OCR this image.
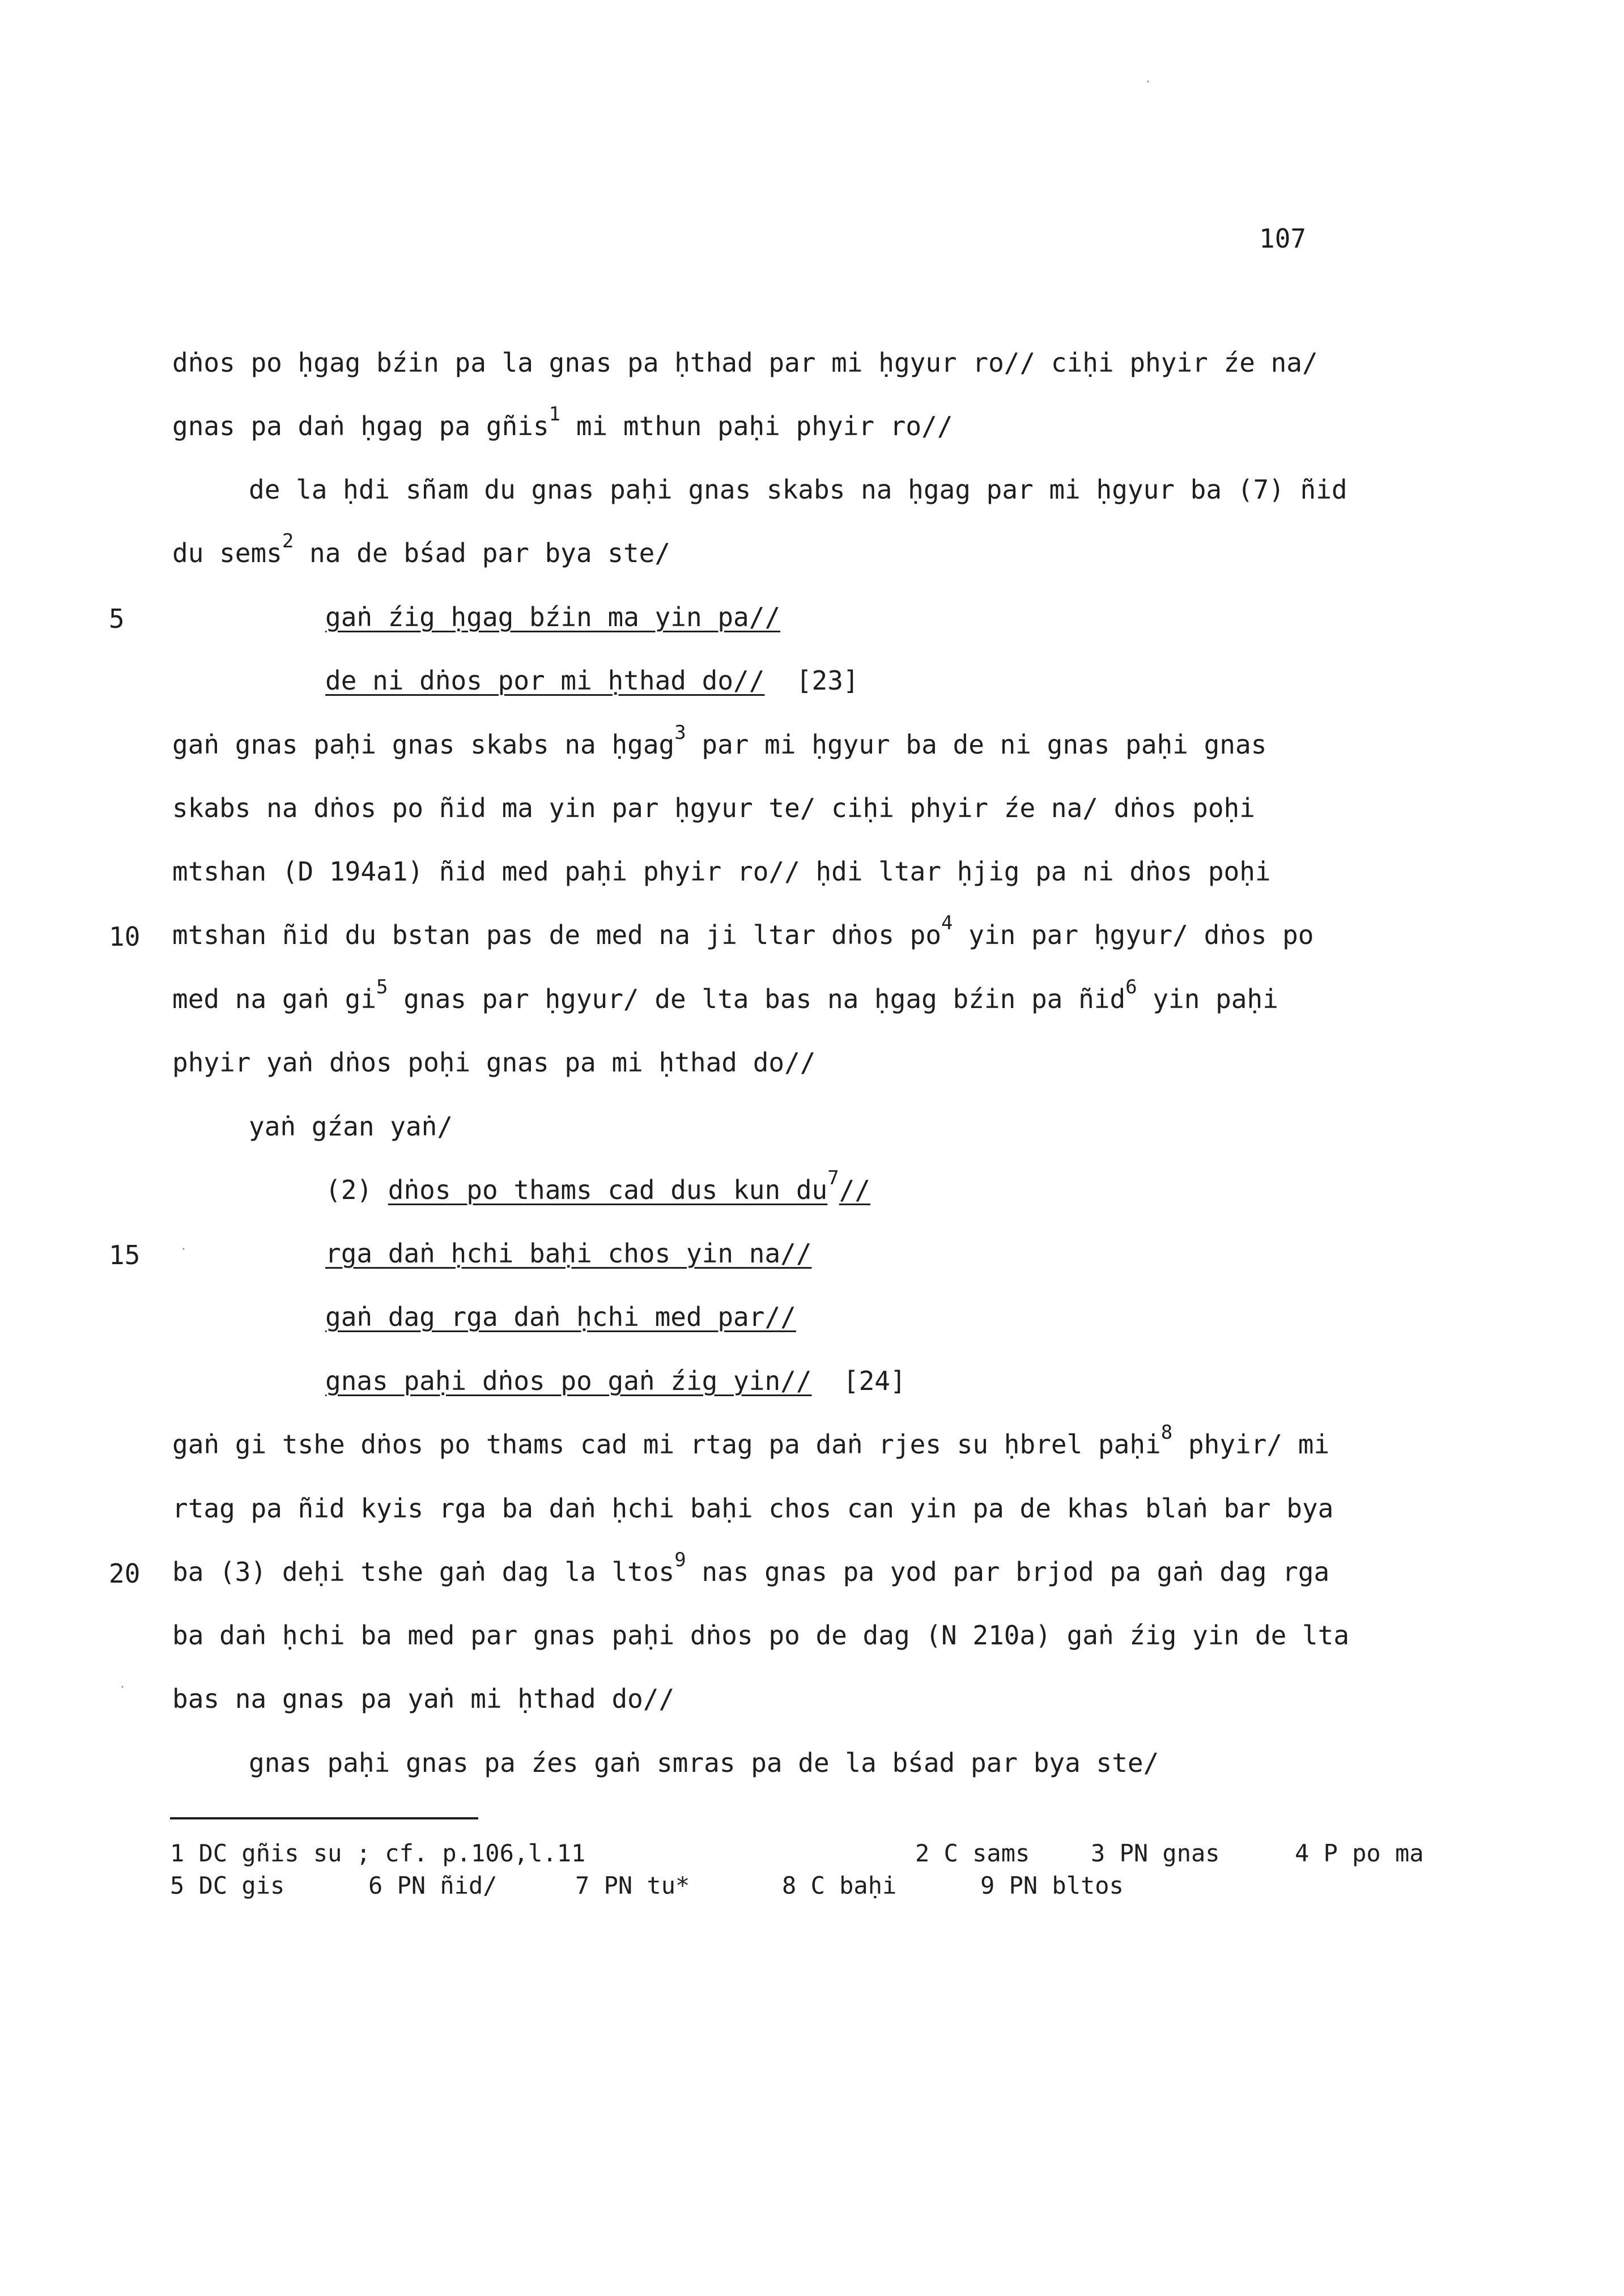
107
dṅos po ḥgag bźin pa la gnas pa ḥthad par mi ḥgyur ro// ciḥi phyir źe na/
gnas pa daṅ ḥgag pa gñis$^1$ mi mthun paḥi phyir ro//
de la ḥdi sñam du gnas paḥi gnas skabs na ḥgag par mi ḥgyur ba (7) ñid
du sems$^2$ na de bśad par bya ste/
gaṅ źig ḥgag bźin ma yin pa//
5
de ni dṅos por mi ḥthad do//  [23]
gaṅ gnas paḥi gnas skabs na ḥgag$^3$ par mi ḥgyur ba de ni gnas paḥi gnas
skabs na dṅos po ñid ma yin par ḥgyur te/ ciḥi phyir źe na/ dṅos poḥi
mtshan (D 194a1) ñid med paḥi phyir ro// ḥdi ltar ḥjig pa ni dṅos poḥi
mtshan ñid du bstan pas de med na ji ltar dṅos $po^4$ yin par ḥgyur/ dṅos po
10
med na gaṅ $gi^5$ gnas par ḥgyur/ de lta bas na ḥgag bźin pa ñid$^6$ yin paḥi
phyir yaṅ dṅos poḥi gnas pa mi ḥthad do//
yaṅ gźan yaṅ/
(2) dṅos po thams cad dus kun $du^7//$
rga daṅ ḥchi baḥi chos yin na//
15
gaṅ dag rga daṅ ḥchi med par//
gnas paḥi dṅos po gaṅ źig yin//  [24]
gaṅ gi tshe dṅos po thams cad mi rtag pa daṅ rjes su ḥbrel paḥi$^8$ phyir/ mi
rtag pa ñid kyis rga ba daṅ ḥchi baḥi chos can yin pa de khas blaṅ bar bya
ba (3) deḥi tshe gaṅ dag la ltos$^9$ nas gnas pa yod par brjod pa gaṅ dag rga
20
ba daṅ ḥchi ba med par gnas paḥi dṅos po de dag (N 210a) gaṅ źig yin de lta
bas na gnas pa yaṅ mi ḥthad do//
gnas paḥi gnas pa źes gaṅ smras pa de la bśad par bya ste/
1 DC gñis su ; cf. p.106,l.11	2 C sams	3 PN gnas	4 P po ma
5 DC gis	6 PN ñid/	7 PN tu*	8 C baḥi	9 PN bltos
·
·
·
